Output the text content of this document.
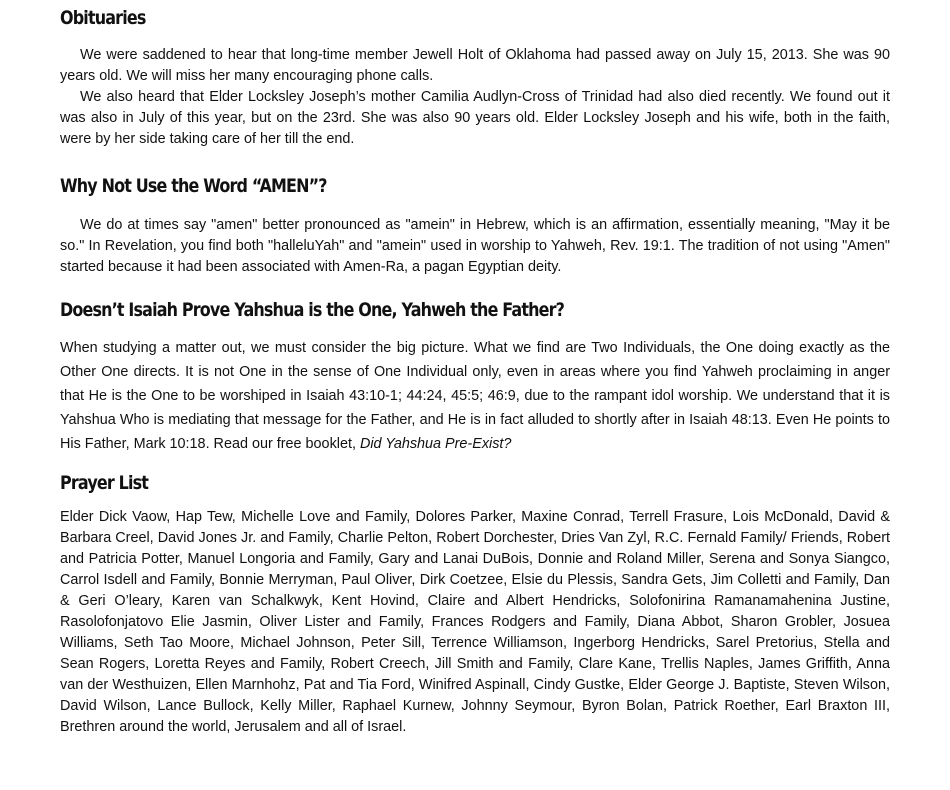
Obituaries

We were saddened to hear that long-time member Jewell Holt of Oklahoma had passed away on July 15, 2013. She was 90 years old. We will miss her many encouraging phone calls.

We also heard that Elder Locksley Joseph’s mother Camilia Audlyn-Cross of Trinidad had also died recently. We found out it was also in July of this year, but on the 23rd. She was also 90 years old. Elder Locksley Joseph and his wife, both in the faith, were by her side taking care of her till the end.

Why Not Use the Word “AMEN”?

We do at times say "amen" better pronounced as "amein" in Hebrew, which is an affirmation, essentially meaning, "May it be so." In Revelation, you find both "halleluYah" and "amein" used in worship to Yahweh, Rev. 19:1. The tradition of not using "Amen" started because it had been associated with Amen-Ra, a pagan Egyptian deity.

Doesn’t Isaiah Prove Yahshua is the One, Yahweh the Father?

When studying a matter out, we must consider the big picture. What we find are Two Individuals, the One doing exactly as the Other One directs. It is not One in the sense of One Individual only, even in areas where you find Yahweh proclaiming in anger that He is the One to be worshiped in Isaiah 43:10-1; 44:24, 45:5; 46:9, due to the rampant idol worship. We understand that it is Yahshua Who is mediating that message for the Father, and He is in fact alluded to shortly after in Isaiah 48:13. Even He points to His Father, Mark 10:18. Read our free booklet, Did Yahshua Pre-Exist?

Prayer List

Elder Dick Vaow, Hap Tew, Michelle Love and Family, Dolores Parker, Maxine Conrad, Terrell Frasure, Lois McDonald, David & Barbara Creel, David Jones Jr. and Family, Charlie Pelton, Robert Dorchester, Dries Van Zyl, R.C. Fernald Family/ Friends, Robert and Patricia Potter, Manuel Longoria and Family, Gary and Lanai DuBois, Donnie and Roland Miller, Serena and Sonya Siangco, Carrol Isdell and Family, Bonnie Merryman, Paul Oliver, Dirk Coetzee, Elsie du Plessis, Sandra Gets, Jim Colletti and Family, Dan & Geri O’leary, Karen van Schalkwyk, Kent Hovind, Claire and Albert Hendricks, Solofonirina Ramanamahenina Justine, Rasolofonjatovo Elie Jasmin, Oliver Lister and Family, Frances Rodgers and Family, Diana Abbot, Sharon Grobler, Josuea Williams, Seth Tao Moore, Michael Johnson, Peter Sill, Terrence Williamson, Ingerborg Hendricks, Sarel Pretorius, Stella and Sean Rogers, Loretta Reyes and Family, Robert Creech, Jill Smith and Family, Clare Kane, Trellis Naples, James Griffith, Anna van der Westhuizen, Ellen Marnhohz, Pat and Tia Ford, Winifred Aspinall, Cindy Gustke, Elder George J. Baptiste, Steven Wilson, David Wilson, Lance Bullock, Kelly Miller, Raphael Kurnew, Johnny Seymour, Byron Bolan, Patrick Roether, Earl Braxton III, Brethren around the world, Jerusalem and all of Israel.
